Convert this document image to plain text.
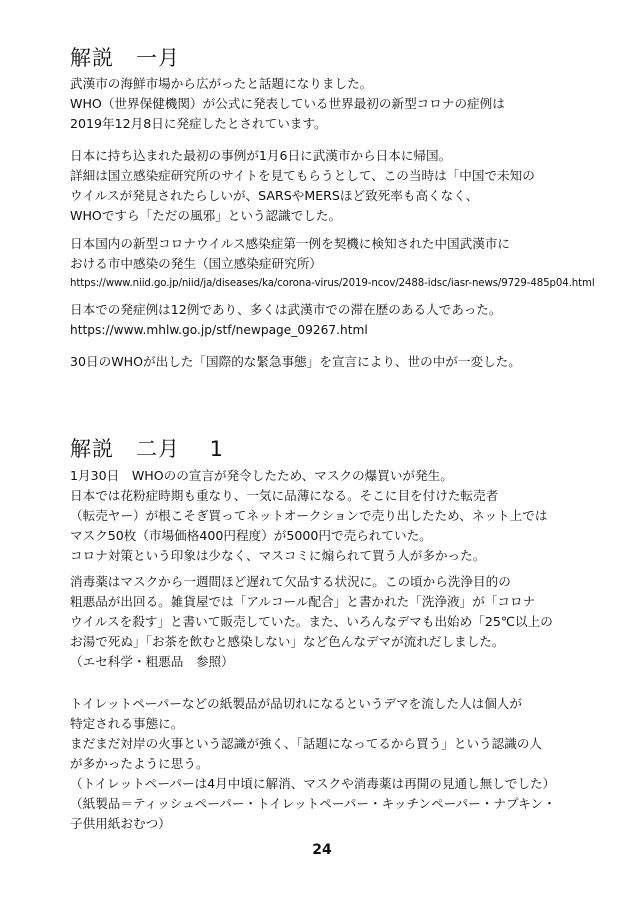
解説　一月
武漢市の海鮮市場から広がったと話題になりました。
WHO（世界保健機関）が公式に発表している世界最初の新型コロナの症例は
2019年12月8日に発症したとされています。
日本に持ち込まれた最初の事例が1月6日に武漢市から日本に帰国。
詳細は国立感染症研究所のサイトを見てもらうとして、この当時は「中国で未知の
ウイルスが発見されたらしいが、SARSやMERSほど致死率も高くなく、
WHOですら「ただの風邪」という認識でした。
日本国内の新型コロナウイルス感染症第一例を契機に検知された中国武漢市に
おける市中感染の発生（国立感染症研究所）
https://www.niid.go.jp/niid/ja/diseases/ka/corona-virus/2019-ncov/2488-idsc/iasr-news/9729-485p04.html
日本での発症例は12例であり、多くは武漢市での滞在歴のある人であった。
https://www.mhlw.go.jp/stf/newpage_09267.html
30日のWHOが出した「国際的な緊急事態」を宣言により、世の中が一変した。
解説　二月　 1
1月30日　WHOのの宣言が発令したため、マスクの爆買いが発生。
日本では花粉症時期も重なり、一気に品薄になる。そこに目を付けた転売者
（転売ヤー）が根こそぎ買ってネットオークションで売り出したため、ネット上では
マスク50枚（市場価格400円程度）が5000円で売られていた。
コロナ対策という印象は少なく、マスコミに煽られて買う人が多かった。
消毒薬はマスクから一週間ほど遅れて欠品する状況に。この頃から洗浄目的の
粗悪品が出回る。雑貨屋では「アルコール配合」と書かれた「洗浄液」が「コロナ
ウイルスを殺す」と書いて販売していた。また、いろんなデマも出始め「25℃以上の
お湯で死ぬ」「お茶を飲むと感染しない」など色んなデマが流れだしました。
（エセ科学・粗悪品　参照）
トイレットペーパーなどの紙製品が品切れになるというデマを流した人は個人が
特定される事態に。
まだまだ対岸の火事という認識が強く、「話題になってるから買う」という認識の人
が多かったように思う。
（トイレットペーパーは4月中頃に解消、マスクや消毒薬は再開の見通し無しでした）
（紙製品＝ティッシュペーパー・トイレットペーパー・キッチンペーパー・ナプキン・
子供用紙おむつ）
24
